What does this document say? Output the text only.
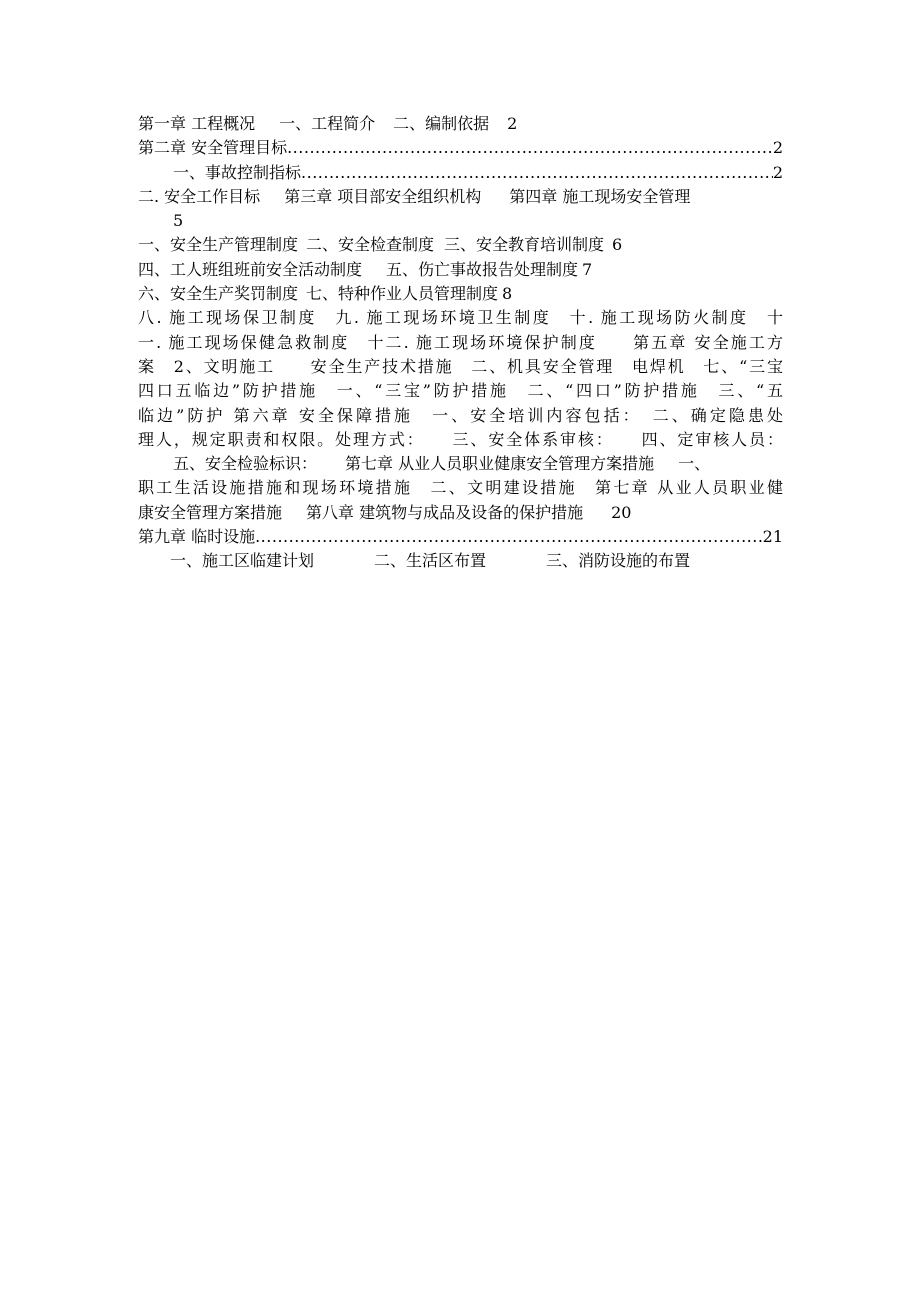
第一章 工程概况 一、工程简介 二、编制依据 2
第二章 安全管理目标 .....	2
一、事故控制指标 .....	2
二. 安全工作目标 第三章 项目部安全组织机构 第四章 施工现场安全管理
5
一、安全生产管理制度 二、安全检查制度 三、安全教育培训制度 6
四、工人班组班前安全活动制度 五、伤亡事故报告处理制度 7
六、安全生产奖罚制度 七、特种作业人员管理制度 8
八. 施工现场保卫制度　九. 施工现场环境卫生制度　十. 施工现场防火制度　十
一. 施工现场保健急救制度　十二. 施工现场环境保护制度　　第五章 安全施工方
案　2、文明施工　　安全生产技术措施　二、机具安全管理　电焊机　七、“三宝
四口五临边”防护措施　一、“三宝”防护措施　二、“四口”防护措施　三、“五
临边”防护 第六章 安全保障措施　一、安全培训内容包括：　二、确定隐患处
理人，规定职责和权限。处理方式：　　三、安全体系审核：　　四、定审核人员：
五、安全检验标识： 第七章 从业人员职业健康安全管理方案措施 一、
职工生活设施措施和现场环境措施　二、文明建设措施　第七章 从业人员职业健
康安全管理方案措施 第八章 建筑物与成品及设备的保护措施 20
第九章 临时设施 .....	21
一、施工区临建计划	二、生活区布置	三、消防设施的布置
